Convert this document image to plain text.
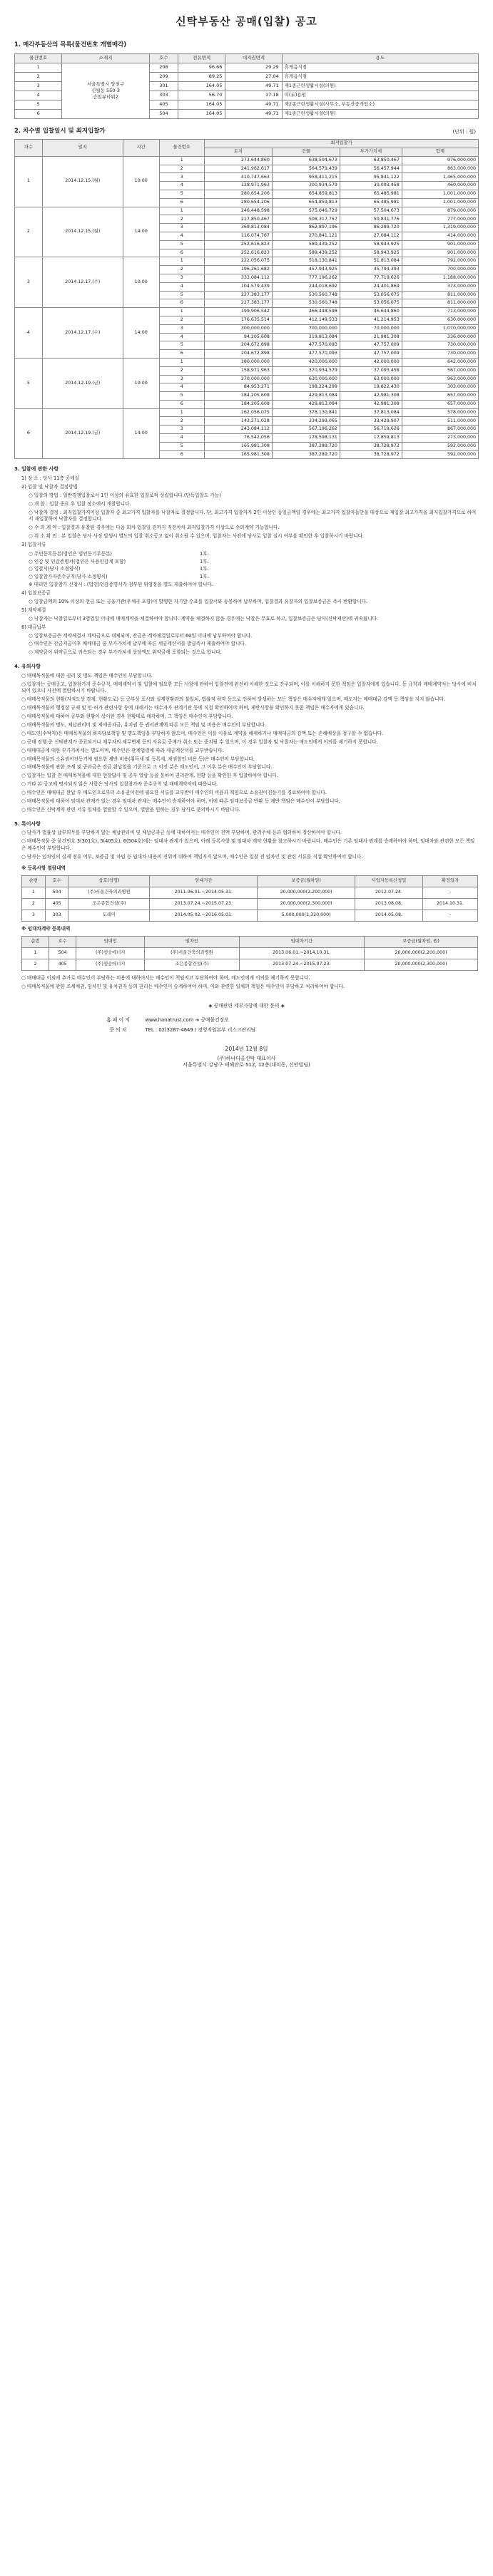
신탁부동산 공매(입찰) 공고
1. 매각부동산의 목록(물건번호 개별매각)
물건번호	소재지	호수	전유면적	대지권면적	용도
1	서울특별시 양천구
신월동 550-3
승일뷰타워2	208	96.66	29.29	휴게음식점
2		209	89.25	27.04	휴게음식점
3		301	164.05	49.71	제1종근린생활시설(의원)
4		303	56.70	17.18	미(未)용원
5		405	164.05	49.71	제2종근린생활시설(사무소, 부동산중개업소)
6		504	164.05	49.71	제1종근린생활시설(의원)
2. 차수별 입찰일시 및 최저입찰가	(단위 : 원)
차수	일자	시간	물건번호	최저입찰가			
				토지	건물	부가가치세	합계
1	2014.12.15.(월)	10:00	1	273,644,860	638,504,673	63,850,467	976,000,000
			2	241,962,617	564,579,439	56,457,944	863,000,000
			3	410,747,663	958,411,215	95,841,122	1,465,000,000
			4	128,971,963	300,934,579	30,093,458	460,000,000
			5	280,654,206	654,859,813	65,485,981	1,001,000,000
			6	280,654,206	654,859,813	65,485,981	1,001,000,000
2	2014.12.15.(월)	14:00	1	246,448,598	575,046,729	57,504,673	879,000,000
			2	217,850,467	508,317,757	50,831,776	777,000,000
			3	369,813,084	862,897,196	86,289,720	1,319,000,000
			4	116,074,767	270,841,121	27,084,112	414,000,000
			5	252,616,823	589,439,252	58,943,925	901,000,000
			6	252,616,823	589,439,252	58,943,925	901,000,000
3	2014.12.17.(수)	10:00	1	222,056,075	518,130,841	51,813,084	792,000,000
			2	196,261,682	457,943,925	45,794,393	700,000,000
			3	333,084,112	777,196,262	77,719,626	1,188,000,000
			4	104,579,439	244,018,692	24,401,869	373,000,000
			5	227,383,177	530,560,748	53,056,075	811,000,000
			6	227,383,177	530,560,748	53,056,075	811,000,000
4	2014.12.17.(수)	14:00	1	199,906,542	466,448,598	46,644,860	713,000,000
			2	176,635,514	412,149,533	41,214,953	630,000,000
			3	300,000,000	700,000,000	70,000,000	1,070,000,000
			4	94,205,608	219,813,084	21,981,308	336,000,000
			5	204,672,898	477,570,093	47,757,009	730,000,000
			6	204,672,898	477,570,093	47,757,009	730,000,000
5	2014.12.19.(금)	10:00	1	180,000,000	420,000,000	42,000,000	642,000,000
			2	158,971,963	370,934,579	37,093,458	567,000,000
			3	270,000,000	630,000,000	63,000,000	963,000,000
			4	84,953,271	198,224,299	19,822,430	303,000,000
			5	184,205,608	429,813,084	42,981,308	657,000,000
			6	184,205,608	429,813,084	42,981,308	657,000,000
6	2014.12.19.(금)	14:00	1	162,056,075	378,130,841	37,813,084	578,000,000
			2	143,271,028	334,299,065	33,429,907	511,000,000
			3	243,084,112	567,196,262	56,719,626	867,000,000
			4	76,542,056	178,598,131	17,859,813	273,000,000
			5	165,981,308	387,289,720	38,728,972	592,000,000
			6	165,981,308	387,289,720	38,728,972	592,000,000

3. 입찰에 관한 사항

1) 장 소 : 당사 11층 공매실

2) 입찰 및 낙찰자 결정방법

○ 입찰의 방법 : 일반경쟁입찰로서 1인 이상의 유효한 입찰로써 성립합니다.(단독입찰도 가능)

○ 개 찰 : 입찰 종료 후 입찰 장소에서 개찰합니다.

○ 낙찰자 결정 : 최저입찰가격이상 입찰자 중 최고가격 입찰자를 낙찰자로 결정합니다. 단, 최고가격 입찰자가 2인 이상인 동일금액일 경우에는 최고가격 입찰자들만을 대상으로 재입찰 최고가격을 최저입찰가격으로 하여서 재입찰하여 낙찰자를 결정합니다.

○ 수 의 계 약 : 입찰결과 유찰된 경우에는 다음 회차 입찰일 전까지 직전차차 최저입찰가격 이상으로 수의계약 가능합니다.

○ 취 소 확 인 : 본 입찰은 당사 사정 발생시 별도의 입찰 취소공고 없이 취소될 수 있으며, 입찰자는 사전에 당사로 입찰 실시 여부를 확인한 후 입찰하시기 바랍니다.

3) 입찰서류

○ 주민등록등본(법인은 법인등기부등본)	1부.
○ 인감 및 인감증명서(법인은 사용인감계 포함)	1부.
○ 입찰서(당사 소정양식)	1부.
○ 입찰참가자준수규칙(당사 소정양식)	1부.

※ 대리인 입찰참가 신청시 : (법인)인감증명서가 첨부된 위임장을 별도 제출하여야 합니다.

4) 입찰보증금

○ 입찰금액의 10% 이상의 현금 또는 금융기관(우체국 포함)이 발행한 자기앞 수표를 입찰서와 동봉하여 납부하며, 입찰결과 유찰자의 입찰보증금은 즉시 반환합니다.

5) 계약체결

○ 낙찰자는 낙찰일로부터 3영업일 이내에 매매계약을 체결하여야 합니다. 계약을 체결하지 않을 경우에는 낙찰은 무효로 하고, 입찰보증금은 당사(신탁재산)에 귀속됩니다.

6) 대금납부

○ 입찰보증금은 계약체결시 계약금으로 대체되며, 잔금은 계약체결일로부터 60일 이내에 납부하여야 합니다.

○ 매수인은 잔금지급이후 매매대금 중 부가가치세 납부에 따른 세금계산서를 발급즉시 제출하여야 합니다.

○ 계약금이 위약금으로 귀속되는 경우 부가가치세 상당액도 위약금에 포함되는 것으로 합니다.

4. 유의사항

○ 매매목적물에 대한 권리 및 명도 책임은 매수인이 부담합니다.

○ 입찰자는 공매공고, 입찰참가자 준수규칙, 매매계약서 및 입찰에 필요한 모든 사항에 관하여 입찰전에 완전히 이해한 것으로 간주되며, 이를 이해하지 못한 책임은 입찰자에게 있습니다. 동 규칙과 매매계약서는 당사에 비치되어 있으니 사전에 열람하시기 바랍니다.

○ 매매목적물의 현황(지적도상 경계, 현황도로) 등 공부상 표시와 실제현황과의 불일치, 법률적 하자 등으로 인하여 발생하는 모든 책임은 매수자에게 있으며, 매도자는 매매대금 감액 등 책임을 지지 않습니다.

○ 매매목적물의 행정상 규제 및 인·허가 관련사항 등에 대해서는 매수자가 관계기관 등에 직접 확인하여야 하며, 제반사항을 확인하지 못한 책임은 매수자에게 있습니다.

○ 매매목적물에 대하여 공부와 현황이 상이한 경우 현황대로 매각하며, 그 책임은 매수인이 부담합니다.

○ 매매목적물의 명도, 체납관리비 및 제세공과금, 유치권 등 권리관계에 따른 모든 책임 및 비용은 매수인이 부담합니다.

○ 매도인(수탁자)은 매매목적물의 하자담보책임 및 명도책임을 부담하지 않으며, 매수인은 이를 이유로 계약을 해제하거나 매매대금의 감액 또는 손해배상을 청구할 수 없습니다.

○ 공매 진행 중 신탁관계가 종료되거나 채무자의 채무변제 등의 사유로 공매가 취소 또는 중지될 수 있으며, 이 경우 입찰자 및 낙찰자는 매도인에게 이의를 제기하지 못합니다.

○ 매매대금에 대한 부가가치세는 별도이며, 매수인은 관계법령에 따라 세금계산서를 교부받습니다.

○ 매매목적물의 소유권이전등기에 필요한 제반 비용(취득세 및 등록세, 채권할인 비용 등)은 매수인이 부담합니다.

○ 매매목적물에 관한 조세 및 공과금은 잔금 완납일을 기준으로 그 이전 분은 매도인이, 그 이후 분은 매수인이 부담합니다.

○ 입찰자는 입찰 전 매매목적물에 대한 현장답사 및 공부 열람 등을 통하여 권리관계, 현황 등을 확인한 후 입찰하여야 합니다.

○ 기타 본 공고에 명시되지 않은 사항은 당사의 입찰참가자 준수규칙 및 매매계약서에 따릅니다.

○ 매수인은 매매대금 완납 후 매도인으로부터 소유권이전에 필요한 서류를 교부받아 매수인의 비용과 책임으로 소유권이전등기를 경료하여야 합니다.

○ 매매목적물에 대하여 임대차 관계가 있는 경우 임대차 관계는 매수인이 승계하여야 하며, 이에 따른 임대보증금 반환 등 제반 책임은 매수인이 부담합니다.

○ 매수인은 신탁계약 관련 서류 일체를 열람할 수 있으며, 열람을 원하는 경우 당사로 문의하시기 바랍니다.

5. 특이사항

○ 당사가 법률상 납부의무를 부담하지 않는 체납관리비 및 체납공과금 등에 대하여서는 매수인이 전액 부담하며, 관리주체 등과 협의하여 정산하여야 합니다.

○ 매매목적물 중 물건번호 3(301호), 5(405호), 6(504호)에는 임대차 관계가 있으며, 아래 등록사항 및 임대차 계약 현황을 참고하시기 바랍니다. 매수인은 기존 임대차 관계를 승계하여야 하며, 임대차와 관련한 모든 책임은 매수인이 부담합니다.

○ 당사는 임차인의 실제 점유 여부, 보증금 및 차임 등 임대차 내용의 진위에 대하여 책임지지 않으며, 매수인은 입찰 전 임차인 및 관련 서류를 직접 확인하여야 합니다.

※ 등록사항 열람내역

순번	호수	상호(성명)	임대기간	보증금(월차임)	사업자등록신청일	확정일자
1	504	(주)서울건축의과병원	2011.06.01.~2014.05.31.	20,000,000(2,200,000)	2012.07.24.	-
2	405	조은종합건설(주)	2013.07.24.~2015.07.23.	20,000,000(2,300,000)	2013.08.08.	2014.10.31.
3	303	도레미	2014.05.02.~2016.05.01.	5,000,000(1,320,000)	2014.05.08.	-

※ 임대차계약 등록내역

순번	호수	임대인	임차인	임대차기간	보증금(월차임, 원)
1	504	(주)생숭에너지	(주)서울건축의과병원	2013.06.01.~2014.10.31.	20,000,000(2,200,000)
2	405	(주)생숭에너지	조은종합건설(주)	2013.07.24.~2015.07.23.	20,000,000(2,300,000)

○ 매매대금 이외에 추가로 매수인이 부담하는 비용에 대하여서는 매수인이 책임지고 부담하여야 하며, 매도인에게 이의를 제기하지 못합니다.

○ 매매목적물에 관한 조세채권, 임차인 및 유치권자 등의 권리는 매수인이 승계하여야 하며, 이와 관련한 일체의 책임은 매수인이 부담하고 처리하여야 합니다.

◈ 공매관련 세부사항에 대한 문의 ◈
홈 페 이 지	www.hanatrust.com ➜ 공매물건정보
문 의 처	TEL : 02)3287-4649 / 경영지원본부 리스크관리팀
2014년 12월 8일
(주)하나다올신탁 대표이사
서울특별시 강남구 테헤란로 512, 12층(대치동, 신안빌딩)
